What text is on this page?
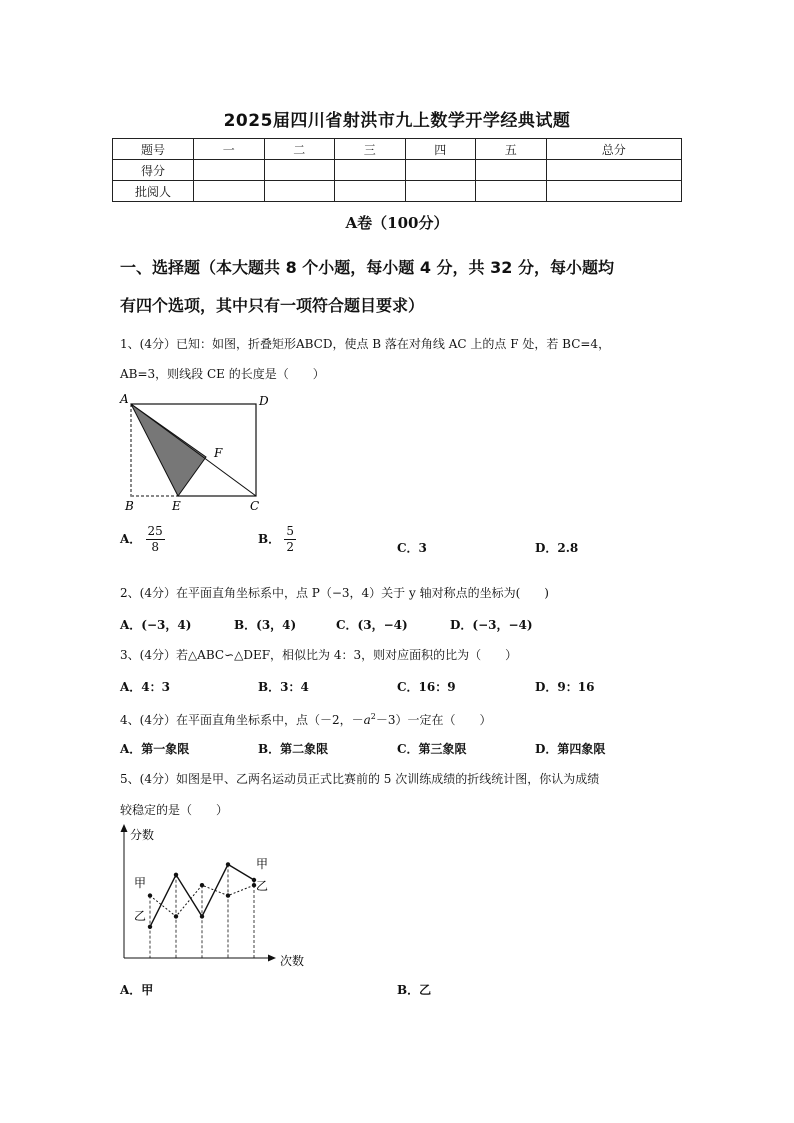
2025届四川省射洪市九上数学开学经典试题
题号	一	二	三	四	五	总分
得分						
批阅人						
A卷（100分）
一、选择题（本大题共 8 个小题，每小题 4 分，共 32 分，每小题均
有四个选项，其中只有一项符合题目要求）
1、(4分）已知：如图，折叠矩形ABCD，使点 B 落在对角线 AC 上的点 F 处，若 BC=4，
AB=3，则线段 CE 的长度是（　　）
A	D
B	E	C
F
A． $\frac{25}{8}$	B． $\frac{5}{2}$	C．3	D．2.8
2、(4分）在平面直角坐标系中，点 P（−3，4）关于 y 轴对称点的坐标为(　　)
A．(−3，4)	B．(3，4)	C．(3，−4)	D．(−3，−4)
3、(4分）若△ABC∽△DEF，相似比为 4：3，则对应面积的比为（　　）
A．4：3	B．3：4	C．16：9	D．9：16
4、(4分）在平面直角坐标系中，点（－2，$-a^2-3$）一定在（　　）
A．第一象限	B．第二象限	C．第三象限	D．第四象限
5、(4分）如图是甲、乙两名运动员正式比赛前的 5 次训练成绩的折线统计图，你认为成绩
较稳定的是（　　）
分数
次数
甲
乙
甲
乙
A．甲	B．乙
